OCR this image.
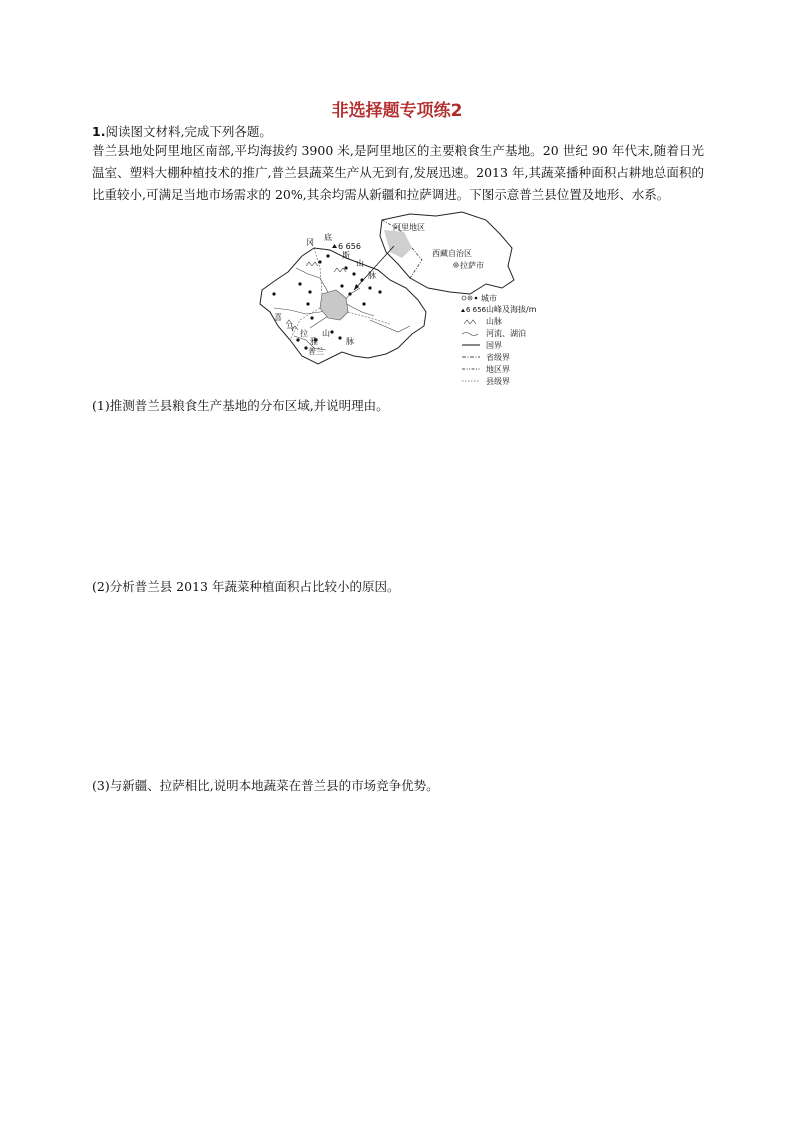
非选择题专项练2
1.阅读图文材料,完成下列各题。
普兰县地处阿里地区南部,平均海拔约 3900 米,是阿里地区的主要粮食生产基地。20 世纪 90 年代末,随着日光温室、塑料大棚种植技术的推广,普兰县蔬菜生产从无到有,发展迅速。2013 年,其蔬菜播种面积占耕地总面积的比重较小,可满足当地市场需求的 20%,其余均需从新疆和拉萨调进。下图示意普兰县位置及地形、水系。
阿里地区
西藏自治区
拉萨市
6 656
冈
底
斯
山
脉
喜
马
拉
雅
山
脉
普兰
城市
6 656 山峰及海拔/m
山脉
河流、湖泊
国界
省级界
地区界
县级界
(1)推测普兰县粮食生产基地的分布区域,并说明理由。
(2)分析普兰县 2013 年蔬菜种植面积占比较小的原因。
(3)与新疆、拉萨相比,说明本地蔬菜在普兰县的市场竞争优势。
